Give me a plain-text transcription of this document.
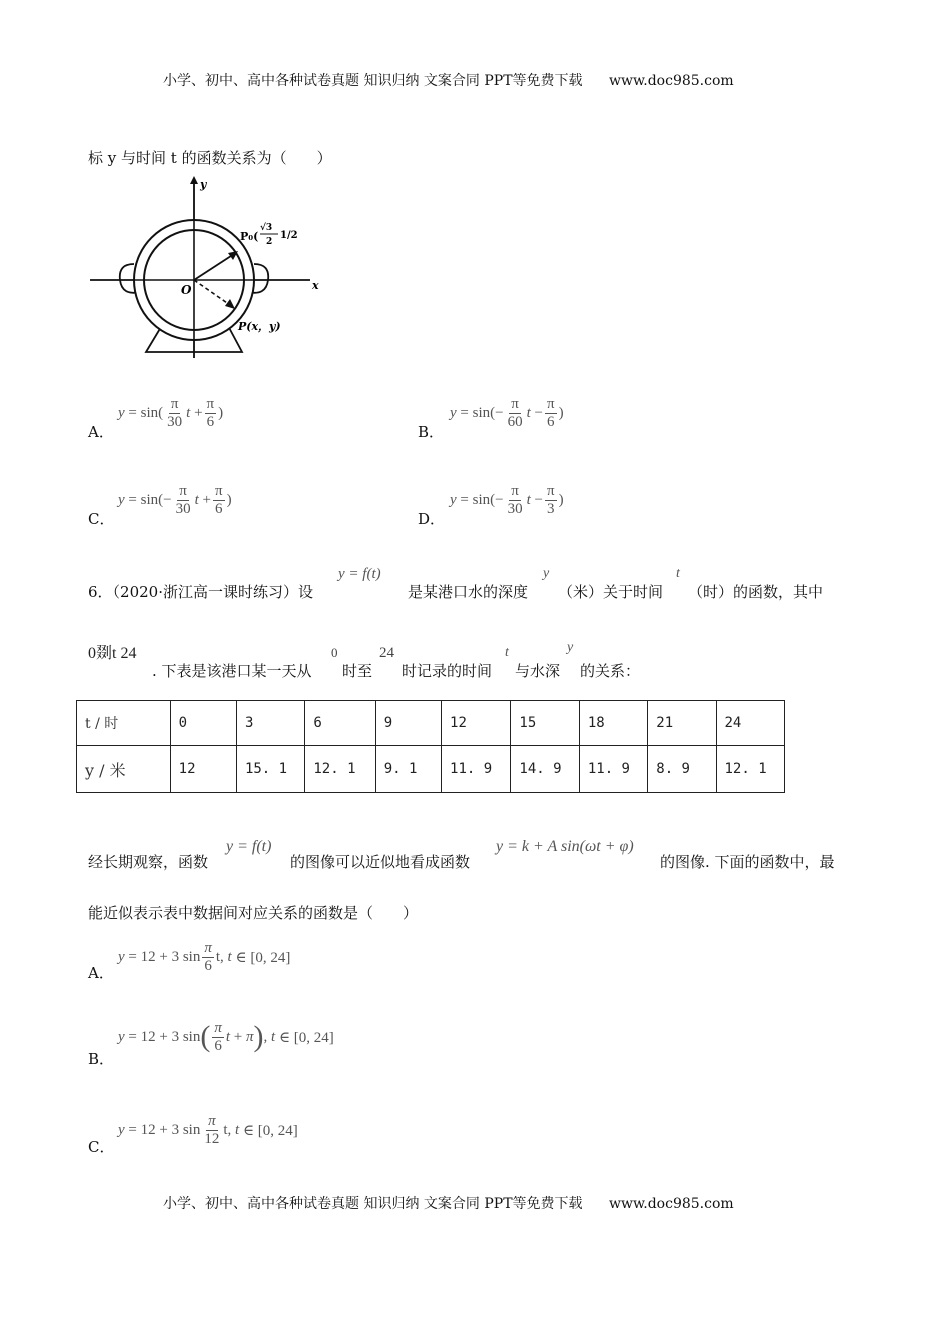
小学、初中、高中各种试卷真题 知识归纳 文案合同 PPT等免费下载 www.doc985.com
标 y 与时间 t 的函数关系为（　　）
y
x
O
P₀(
√3
2
1/2
P(x，y)
A．
$y = \sin( \frac{\pi}{30}$ $t + \frac{\pi}{6}$ )
B．
$y = \sin(- \frac{\pi}{60}$ $t - \frac{\pi}{6}$ )
C．
$y = \sin(- \frac{\pi}{30}$ $t + \frac{\pi}{6}$ )
D．
$y = \sin(- \frac{\pi}{30}$ $t - \frac{\pi}{3}$ )
6．（2020·浙江高一课时练习）设
y = f(t)
是某港口水的深度
y
（米）关于时间
t
（时）的函数，其中
0剟t 24
. 下表是该港口某一天从
0
时至
24
时记录的时间
t
与水深
y
的关系：
t / 时	0	3	6	9	12	15	18	21	24
y / 米	12	15. 1	12. 1	9. 1	11. 9	14. 9	11. 9	8. 9	12. 1
经长期观察，函数
y = f(t)
的图像可以近似地看成函数
y = k + A sin(ωt + φ)
的图像. 下面的函数中，最
能近似表示表中数据间对应关系的函数是（　　）
A．
y = 12 + 3 $\sin \frac{\pi}{6} t$, t ∈ [0, 24]
B．
y = 12 + 3 sin ( $\frac{\pi}{6}$ t + π ) , t ∈ [0, 24]
C．
y = 12 + 3 $\sin \frac{\pi}{12} t$, t ∈ [0, 24]
小学、初中、高中各种试卷真题 知识归纳 文案合同 PPT等免费下载 www.doc985.com
